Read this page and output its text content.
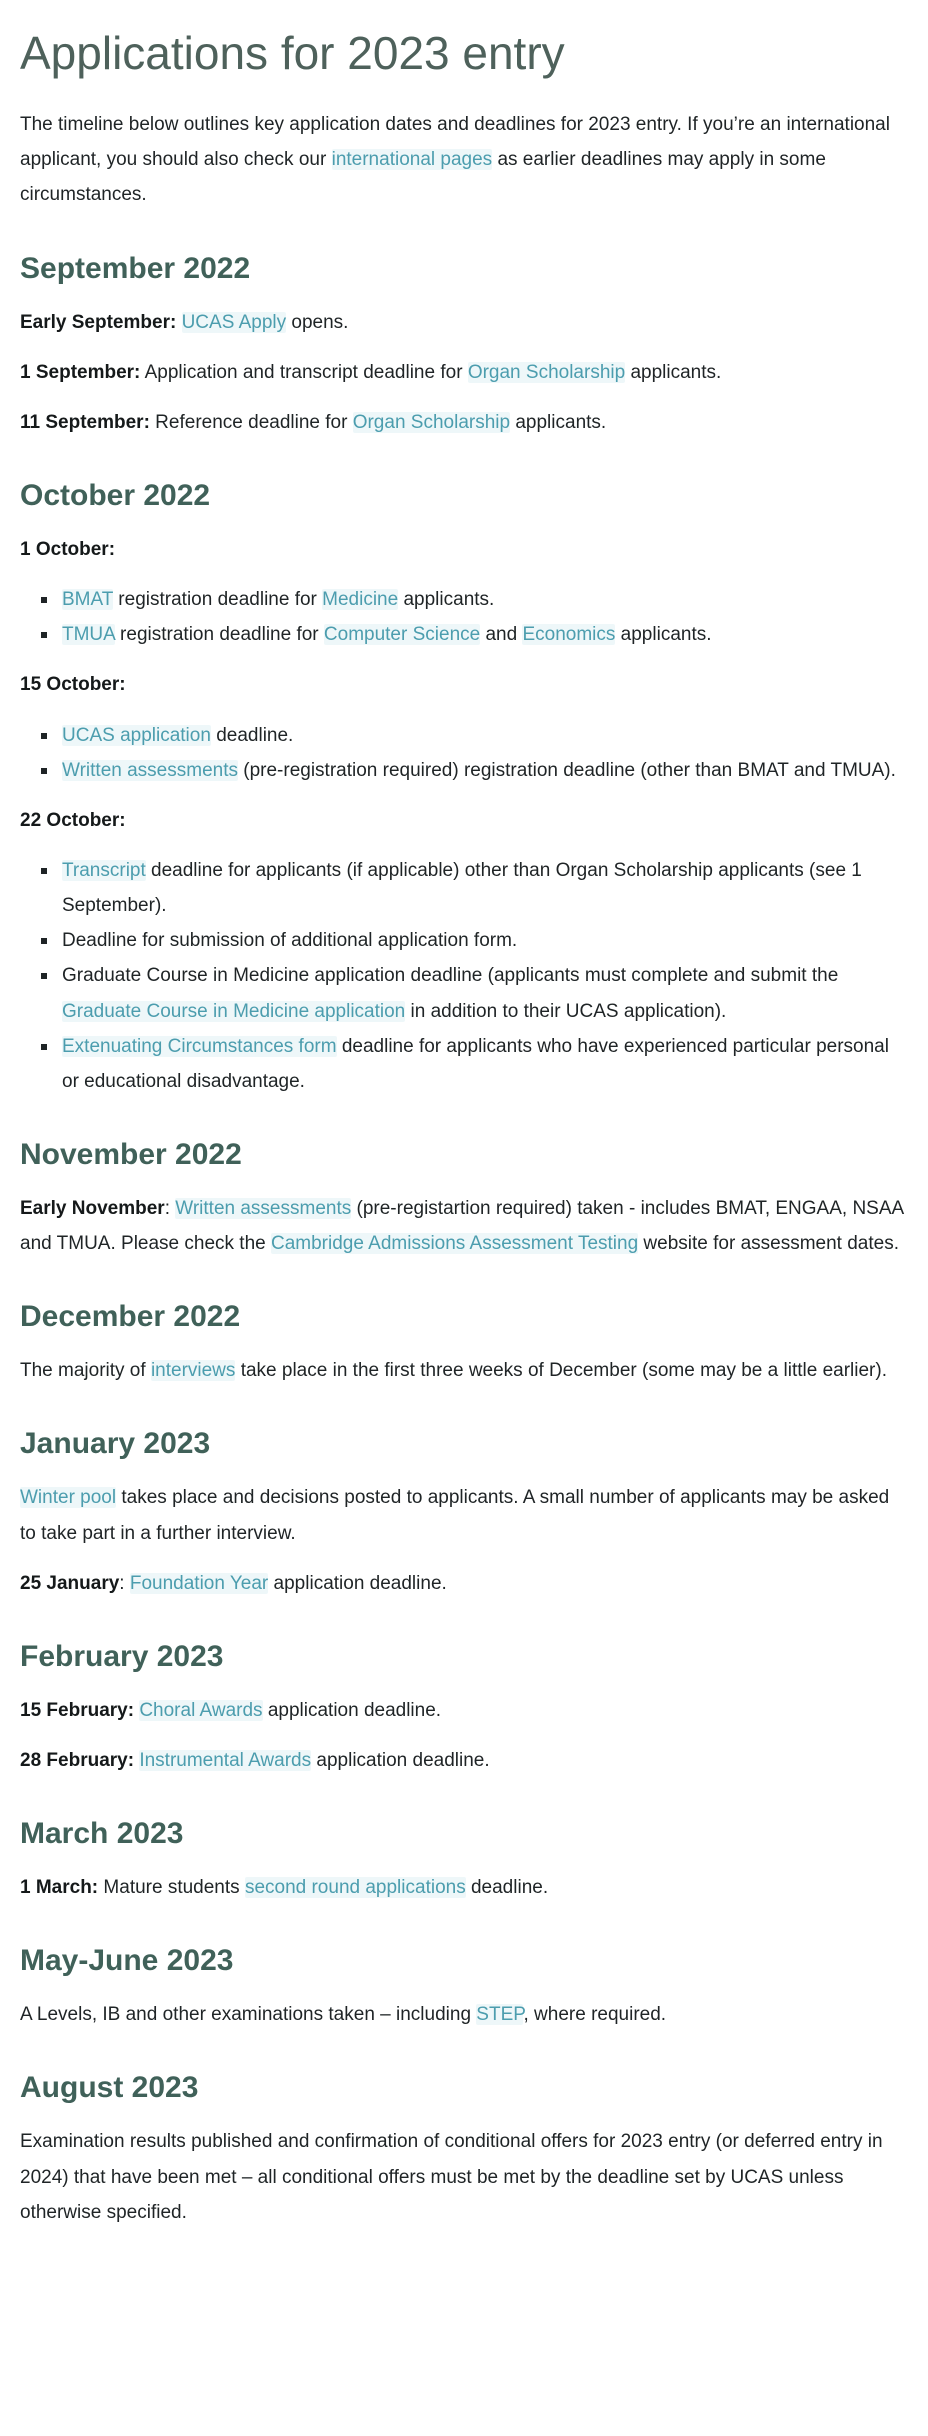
Applications for 2023 entry

The timeline below outlines key application dates and deadlines for 2023 entry. If you’re an international applicant, you should also check our international pages as earlier deadlines may apply in some circumstances.

September 2022

Early September: UCAS Apply opens.

1 September: Application and transcript deadline for Organ Scholarship applicants.

11 September: Reference deadline for Organ Scholarship applicants.

October 2022

1 October:

BMAT registration deadline for Medicine applicants.
TMUA registration deadline for Computer Science and Economics applicants.

15 October:

UCAS application deadline.
Written assessments (pre-registration required) registration deadline (other than BMAT and TMUA).

22 October:

Transcript deadline for applicants (if applicable) other than Organ Scholarship applicants (see 1 September).
Deadline for submission of additional application form.
Graduate Course in Medicine application deadline (applicants must complete and submit the Graduate Course in Medicine application in addition to their UCAS application).
Extenuating Circumstances form deadline for applicants who have experienced particular personal or educational disadvantage.
November 2022

Early November: Written assessments (pre-registartion required) taken - includes BMAT, ENGAA, NSAA and TMUA. Please check the Cambridge Admissions Assessment Testing website for assessment dates.

December 2022

The majority of interviews take place in the first three weeks of December (some may be a little earlier).

January 2023

Winter pool takes place and decisions posted to applicants. A small number of applicants may be asked to take part in a further interview.

25 January: Foundation Year application deadline.

February 2023

15 February: Choral Awards application deadline.

28 February: Instrumental Awards application deadline.

March 2023

1 March: Mature students second round applications deadline.

May-June 2023

A Levels, IB and other examinations taken – including STEP, where required.

August 2023

Examination results published and confirmation of conditional offers for 2023 entry (or deferred entry in 2024) that have been met – all conditional offers must be met by the deadline set by UCAS unless otherwise specified.
